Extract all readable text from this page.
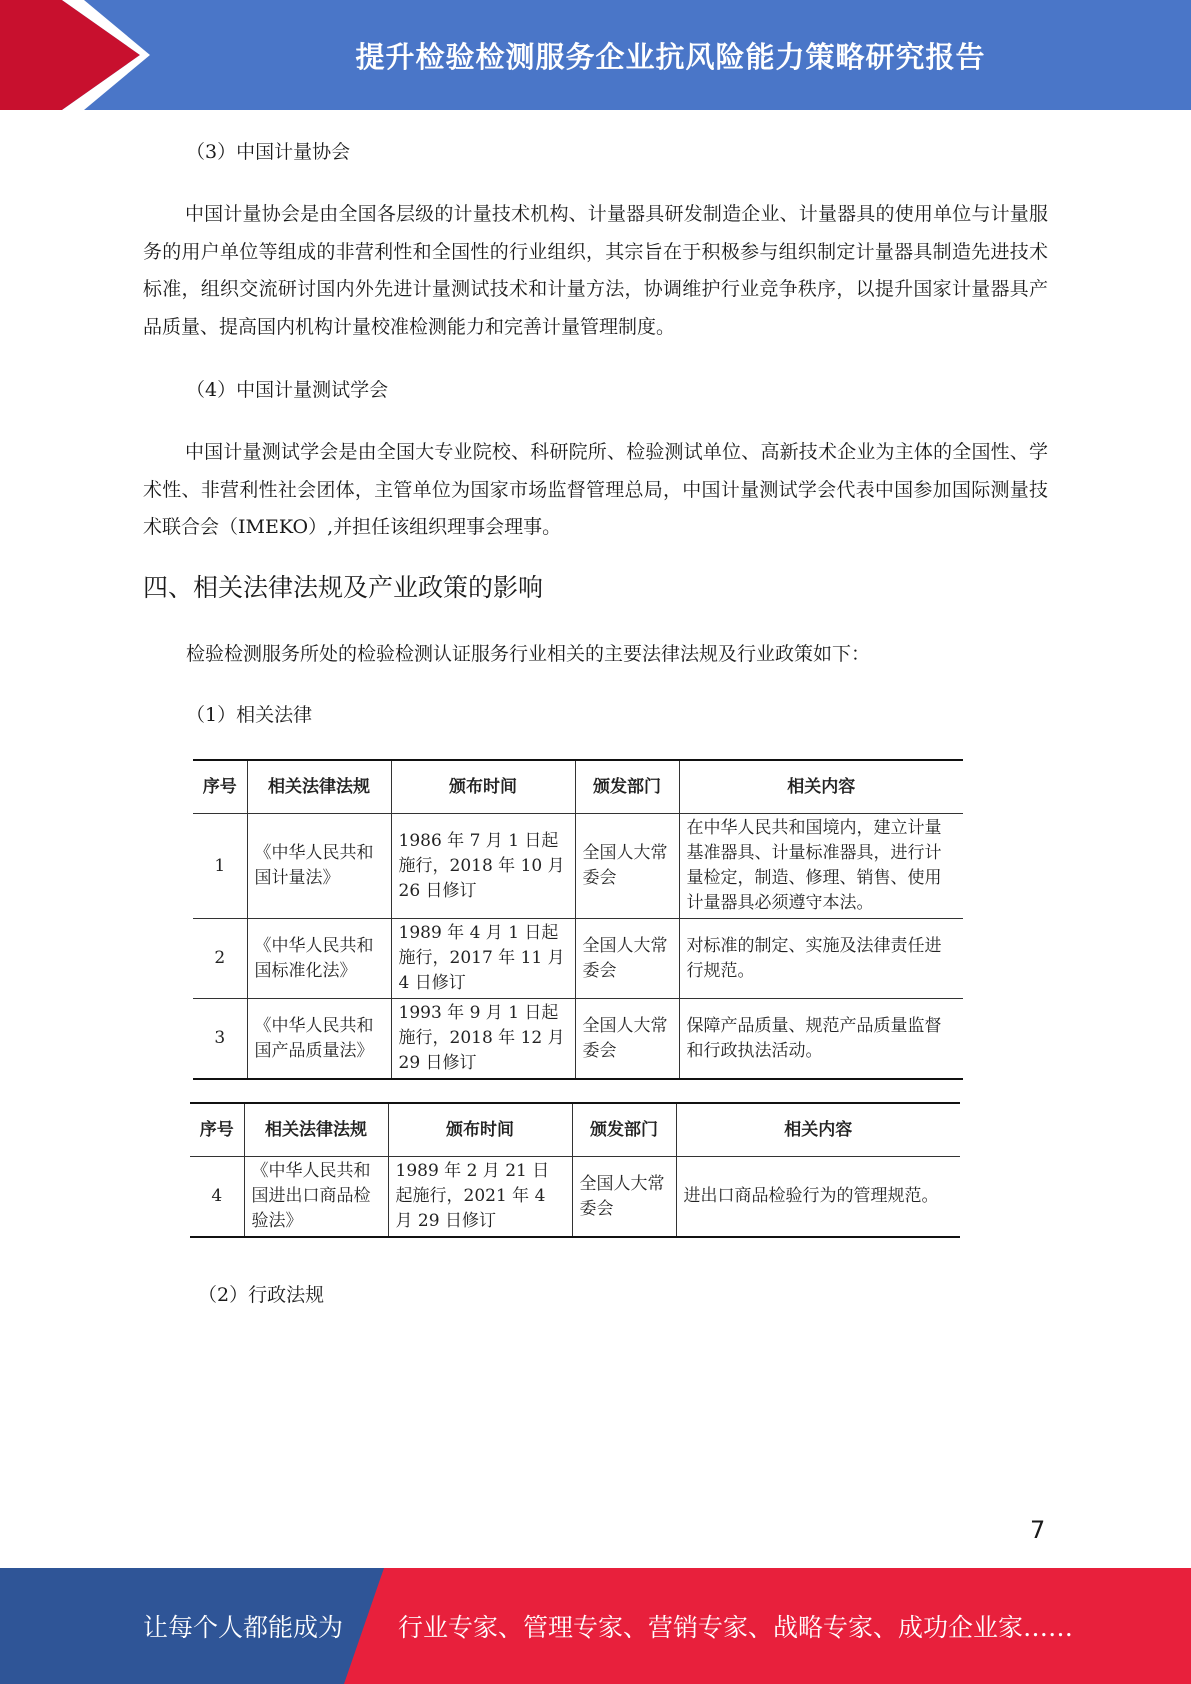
提升检验检测服务企业抗风险能力策略研究报告

（3）中国计量协会

中国计量协会是由全国各层级的计量技术机构、计量器具研发制造企业、计量器具的使用单位与计量服务的用户单位等组成的非营利性和全国性的行业组织，其宗旨在于积极参与组织制定计量器具制造先进技术标准，组织交流研讨国内外先进计量测试技术和计量方法，协调维护行业竞争秩序，以提升国家计量器具产品质量、提高国内机构计量校准检测能力和完善计量管理制度。

（4）中国计量测试学会

中国计量测试学会是由全国大专业院校、科研院所、检验测试单位、高新技术企业为主体的全国性、学术性、非营利性社会团体，主管单位为国家市场监督管理总局，中国计量测试学会代表中国参加国际测量技术联合会（IMEKO）,并担任该组织理事会理事。

四、相关法律法规及产业政策的影响

检验检测服务所处的检验检测认证服务行业相关的主要法律法规及行业政策如下：

（1）相关法律

序号	相关法律法规	颁布时间	颁发部门	相关内容
1	《中华人民共和国计量法》	1986 年 7 月 1 日起施行，2018 年 10 月 26 日修订	全国人大常委会	在中华人民共和国境内，建立计量基准器具、计量标准器具，进行计量检定，制造、修理、销售、使用计量器具必须遵守本法。
2	《中华人民共和国标准化法》	1989 年 4 月 1 日起施行，2017 年 11 月 4 日修订	全国人大常委会	对标准的制定、实施及法律责任进行规范。
3	《中华人民共和国产品质量法》	1993 年 9 月 1 日起施行，2018 年 12 月 29 日修订	全国人大常委会	保障产品质量、规范产品质量监督和行政执法活动。
序号	相关法律法规	颁布时间	颁发部门	相关内容
4	《中华人民共和国进出口商品检验法》	1989 年 2 月 21 日起施行，2021 年 4 月 29 日修订	全国人大常委会	进出口商品检验行为的管理规范。

（2）行政法规

7
让每个人都能成为 行业专家、管理专家、营销专家、战略专家、成功企业家……
